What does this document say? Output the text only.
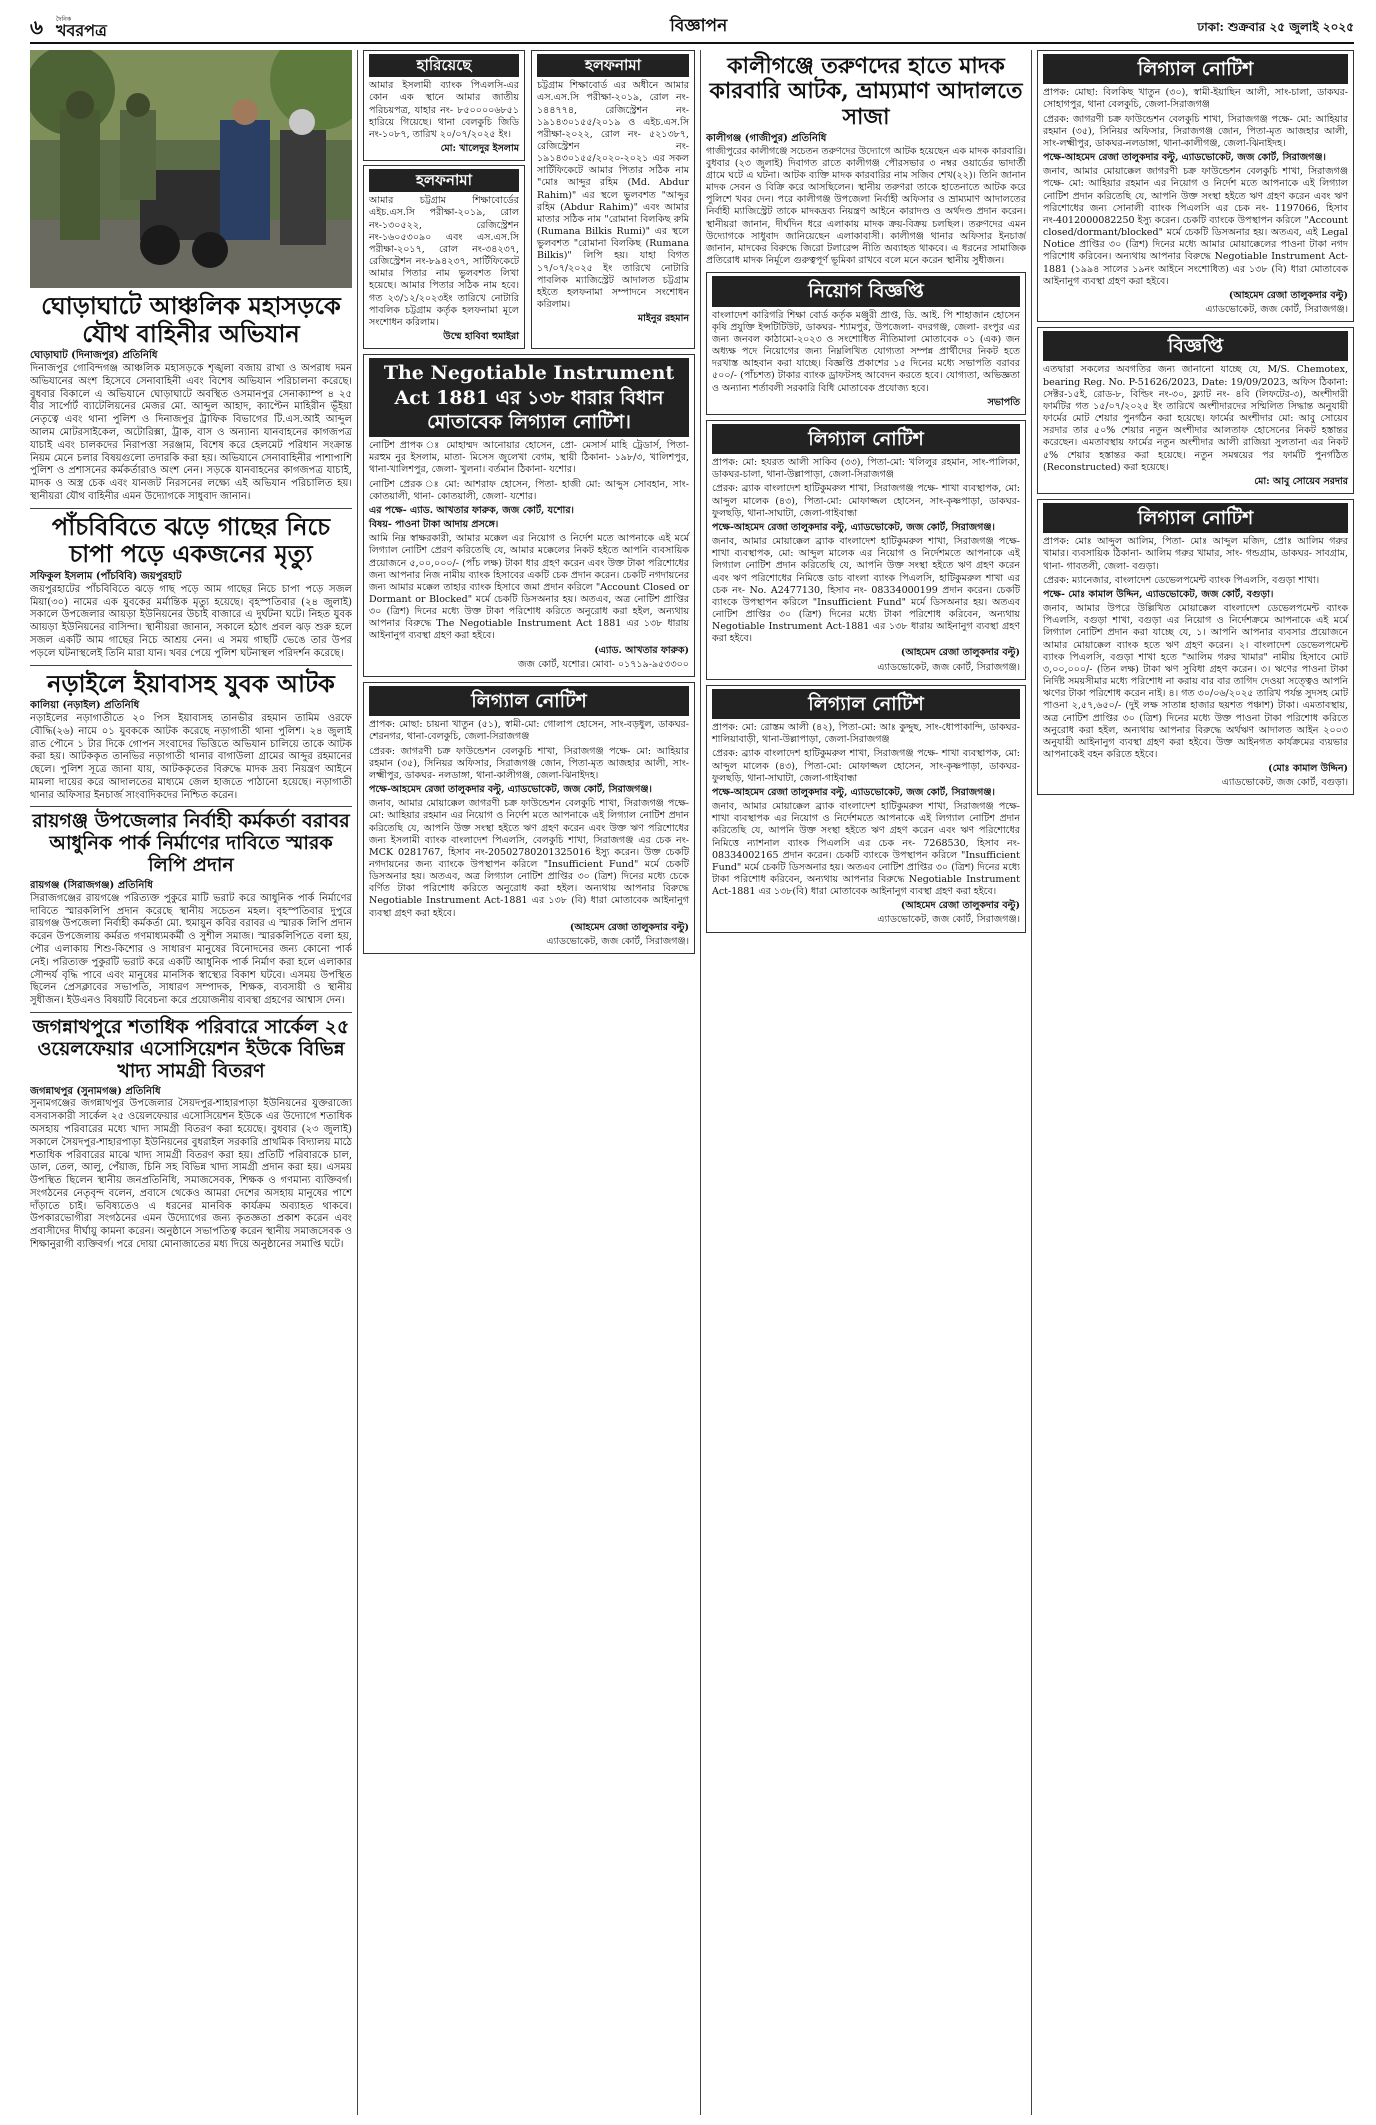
৬	দৈনিক
খবরপত্র	বিজ্ঞাপন	ঢাকা: শুক্রবার ২৫ জুলাই ২০২৫
ঘোড়াঘাটে আঞ্চলিক মহাসড়কে যৌথ বাহিনীর অভিযান
ঘোড়াঘাট (দিনাজপুর) প্রতিনিধি

দিনাজপুর গোবিন্দগঞ্জ আঞ্চলিক মহাসড়কে শৃঙ্খলা বজায় রাখা ও অপরাধ দমন অভিযানের অংশ হিসেবে সেনাবাহিনী এবং বিশেষ অভিযান পরিচালনা করেছে। বুধবার বিকালে এ অভিযানে ঘোড়াঘাটে অবস্থিত ওসমানপুর সেনাক্যাম্প ৪ ২৫ বীর সার্পোর্ট ব্যাটেলিয়নের মেজর মো. আব্দুল আহাদ, ক্যাপ্টেন মাহিরীন ভূঁইয়া নেতৃত্বে এবং থানা পুলিশ ও দিনাজপুর ট্রাফিক বিভাগের টি.এস.আই আব্দুল আলম মোটরসাইকেল, অটোরিক্সা, ট্রাক, বাস ও অন্যান্য যানবাহনের কাগজপত্র যাচাই এবং চালকদের নিরাপত্তা সরঞ্জাম, বিশেষ করে হেলমেট পরিধান সংক্রান্ত নিয়ম মেনে চলার বিষয়গুলো তদারকি করা হয়। অভিযানে সেনাবাহিনীর পাশাপাশি পুলিশ ও প্রশাসনের কর্মকর্তারাও অংশ নেন। সড়কে যানবাহনের কাগজপত্র যাচাই, মাদক ও অস্ত্র চেক এবং যানজট নিরসনের লক্ষ্যে এই অভিযান পরিচালিত হয়। স্থানীয়রা যৌথ বাহিনীর এমন উদ্যোগকে সাধুবাদ জানান।

পাঁচবিবিতে ঝড়ে গাছের নিচে চাপা পড়ে একজনের মৃত্যু
সফিকুল ইসলাম (পাঁচবিবি) জয়পুরহাট

জয়পুরহাটের পাঁচবিবিতে ঝড়ে গাছ পড়ে আম গাছের নিচে চাপা পড়ে সজল মিয়া(৩০) নামের এক যুবকের মর্মান্তিক মৃত্যু হয়েছে। বৃহস্পতিবার (২৪ জুলাই) সকালে উপজেলার আয়ড়া ইউনিয়নের উচাই বাজারে এ দুর্ঘটনা ঘটে। নিহত যুবক আয়ড়া ইউনিয়নের বাসিন্দা। স্থানীয়রা জানান, সকালে হঠাৎ প্রবল ঝড় শুরু হলে সজল একটি আম গাছের নিচে আশ্রয় নেন। এ সময় গাছটি ভেঙে তার উপর পড়লে ঘটনাস্থলেই তিনি মারা যান। খবর পেয়ে পুলিশ ঘটনাস্থল পরিদর্শন করেছে।

নড়াইলে ইয়াবাসহ যুবক আটক
কালিয়া (নড়াইল) প্রতিনিধি

নড়াইলের নড়াগাতীতে ২০ পিস ইয়াবাসহ তানভীর রহমান তামিম ওরফে বৌদ্ধি(২৬) নামে ০১ যুবককে আটক করেছে নড়াগাতী থানা পুলিশ। ২৪ জুলাই রাত পৌনে ১ টার দিকে গোপন সংবাদের ভিত্তিতে অভিযান চালিয়ে তাকে আটক করা হয়। আটককৃত তানভির নড়াগাতী থানার বাগাউলা গ্রামের আব্দুর রহমানের ছেলে। পুলিশ সূত্রে জানা যায়, আটককৃতের বিরুদ্ধে মাদক দ্রব্য নিয়ন্ত্রণ আইনে মামলা দায়ের করে আদালতের মাধ্যমে জেল হাজতে পাঠানো হয়েছে। নড়াগাতী থানার অফিসার ইনচার্জ সাংবাদিকদের নিশ্চিত করেন।

রায়গঞ্জ উপজেলার নির্বাহী কর্মকর্তা বরাবর আধুনিক পার্ক নির্মাণের দাবিতে স্মারক লিপি প্রদান
রায়গঞ্জ (সিরাজগঞ্জ) প্রতিনিধি

সিরাজগঞ্জের রায়গঞ্জে পরিত্যক্ত পুকুরে মাটি ভরাট করে আধুনিক পার্ক নির্মাণের দাবিতে স্মারকলিপি প্রদান করেছে স্থানীয় সচেতন মহল। বৃহস্পতিবার দুপুরে রায়গঞ্জ উপজেলা নির্বাহী কর্মকর্তা মো. হুমায়ুন কবির বরাবর এ স্মারক লিপি প্রদান করেন উপজেলায় কর্মরত গণমাধ্যমকর্মী ও সুশীল সমাজ। স্মারকলিপিতে বলা হয়, পৌর এলাকায় শিশু-কিশোর ও সাধারণ মানুষের বিনোদনের জন্য কোনো পার্ক নেই। পরিত্যক্ত পুকুরটি ভরাট করে একটি আধুনিক পার্ক নির্মাণ করা হলে এলাকার সৌন্দর্য বৃদ্ধি পাবে এবং মানুষের মানসিক স্বাস্থ্যের বিকাশ ঘটবে। এসময় উপস্থিত ছিলেন প্রেসক্লাবের সভাপতি, সাধারণ সম্পাদক, শিক্ষক, ব্যবসায়ী ও স্থানীয় সুধীজন। ইউএনও বিষয়টি বিবেচনা করে প্রয়োজনীয় ব্যবস্থা গ্রহণের আশ্বাস দেন।

জগন্নাথপুরে শতাধিক পরিবারে সার্কেল ২৫ ওয়েলফেয়ার এসোসিয়েশন ইউকে বিভিন্ন খাদ্য সামগ্রী বিতরণ
জগন্নাথপুর (সুনামগঞ্জ) প্রতিনিধি

সুনামগঞ্জের জগন্নাথপুর উপজেলার সৈয়দপুর-শাহারপাড়া ইউনিয়নের যুক্তরাজ্যে বসবাসকারী সার্কেল ২৫ ওয়েলফেয়ার এসোসিয়েশন ইউকে এর উদ্যোগে শতাধিক অসহায় পরিবারের মধ্যে খাদ্য সামগ্রী বিতরণ করা হয়েছে। বুধবার (২৩ জুলাই) সকালে সৈয়দপুর-শাহারপাড়া ইউনিয়নের বুধরাইল সরকারি প্রাথমিক বিদ্যালয় মাঠে শতাধিক পরিবারের মাঝে খাদ্য সামগ্রী বিতরণ করা হয়। প্রতিটি পরিবারকে চাল, ডাল, তেল, আলু, পেঁয়াজ, চিনি সহ বিভিন্ন খাদ্য সামগ্রী প্রদান করা হয়। এসময় উপস্থিত ছিলেন স্থানীয় জনপ্রতিনিধি, সমাজসেবক, শিক্ষক ও গণমান্য ব্যক্তিবর্গ। সংগঠনের নেতৃবৃন্দ বলেন, প্রবাসে থেকেও আমরা দেশের অসহায় মানুষের পাশে দাঁড়াতে চাই। ভবিষ্যতেও এ ধরনের মানবিক কার্যক্রম অব্যাহত থাকবে। উপকারভোগীরা সংগঠনের এমন উদ্যোগের জন্য কৃতজ্ঞতা প্রকাশ করেন এবং প্রবাসীদের দীর্ঘায়ু কামনা করেন। অনুষ্ঠানে সভাপতিত্ব করেন স্থানীয় সমাজসেবক ও শিক্ষানুরাগী ব্যক্তিবর্গ। পরে দোয়া মোনাজাতের মধ্য দিয়ে অনুষ্ঠানের সমাপ্তি ঘটে।

হারিয়েছে

আমার ইসলামী ব্যাংক পিএলসি-এর কোন এক স্থানে আমার জাতীয় পরিচয়পত্র, যাহার নং- ৮৫০০০০৬৮৫১ হারিয়ে গিয়েছে। থানা বেলকুচি জিডি নং-১০৮৭, তারিখ ২০/০৭/২০২৫ ইং।

মো: খালেদুর ইসলাম

হলফনামা

আমার চট্টগ্রাম শিক্ষাবোর্ডের এইচ.এস.সি পরীক্ষা-২০১৯, রোল নং-১৩০৫২২, রেজিস্ট্রেশন নং-১৬০৫৩০৯০ এবং এস.এস.সি পরীক্ষা-২০১৭, রোল নং-৩৪২৩৭, রেজিস্ট্রেশন নং-৮৯৪২৩৭, সার্টিফিকেটে আমার পিতার নাম ভুলবশত লিখা হয়েছে। আমার পিতার সঠিক নাম হবে। গত ২৩/১২/২০২৩ইং তারিখে নোটারি পাবলিক চট্টগ্রাম কর্তৃক হলফনামা মূলে সংশোধন করিলাম।

উম্মে হাবিবা হুমাইরা

হলফনামা

চট্টগ্রাম শিক্ষাবোর্ড এর অধীনে আমার এস.এস.সি পরীক্ষা-২০১৯, রোল নং- ১৪৪৭৭৪, রেজিস্ট্রেশন নং- ১৯১৪৩০১৫৫/২০১৯ ও এইচ.এস.সি পরীক্ষা-২০২২, রোল নং- ৫২১৩৮৭, রেজিস্ট্রেশন নং- ১৯১৪৩০১৫৫/২০২০-২০২১ এর সকল সার্টিফিকেটে আমার পিতার সঠিক নাম "মোঃ আব্দুর রহিম (Md. Abdur Rahim)" এর স্থলে ভুলবশত "আব্দুর রহিম (Abdur Rahim)" এবং আমার মাতার সঠিক নাম "রোমানা বিলকিছ রুমি (Rumana Bilkis Rumi)" এর স্থলে ভুলবশত "রোমানা বিলকিছ (Rumana Bilkis)" লিপি হয়। যাহা বিগত ১৭/০৭/২০২৫ ইং তারিখে নোটারি পাবলিক ম্যাজিস্ট্রেট আদালত চট্টগ্রাম হইতে হলফনামা সম্পাদনে সংশোধন করিলাম।

মাইনুর রহমান

The Negotiable Instrument Act 1881 এর ১৩৮ ধারার বিধান মোতাবেক লিগ্যাল নোটিশ।

নোটিশ প্রাপক ঃ মোহাম্মদ আনোয়ার হোসেন, প্রো- মেসার্স মাহি ট্রেডার্স, পিতা- মরহুম নুর ইসলাম, মাতা- মিসেস জুলেখা বেগম, স্থায়ী ঠিকানা- ১৯৮/৩, খালিশপুর, থানা-খালিশপুর, জেলা- খুলনা। বর্তমান ঠিকানা- যশোর।

নোটিশ প্রেরক ঃ মো: আশরাফ হোসেন, পিতা- হাজী মো: আব্দুস সোবহান, সাং- কোতয়ালী, থানা- কোতয়ালী, জেলা- যশোর।

এর পক্ষে- এ্যাড. আখতার ফারুক, জজ কোর্ট, যশোর।

বিষয়- পাওনা টাকা আদায় প্রসঙ্গে।

আমি নিম্ন স্বাক্ষরকারী, আমার মক্কেল এর নিয়োগ ও নির্দেশ মতে আপনাকে এই মর্মে লিগ্যাল নোটিশ প্রেরণ করিতেছি যে, আমার মক্কেলের নিকট হইতে আপনি ব্যবসায়িক প্রয়োজনে ৫,০০,০০০/- (পাঁচ লক্ষ) টাকা ধার গ্রহণ করেন এবং উক্ত টাকা পরিশোধের জন্য আপনার নিজ নামীয় ব্যাংক হিসাবের একটি চেক প্রদান করেন। চেকটি নগদায়নের জন্য আমার মক্কেল তাহার ব্যাংক হিসাবে জমা প্রদান করিলে "Account Closed or Dormant or Blocked" মর্মে চেকটি ডিসঅনার হয়। অতএব, অত্র নোটিশ প্রাপ্তির ৩০ (ত্রিশ) দিনের মধ্যে উক্ত টাকা পরিশোধ করিতে অনুরোধ করা হইল, অন্যথায় আপনার বিরুদ্ধে The Negotiable Instrument Act 1881 এর ১৩৮ ধারায় আইনানুগ ব্যবস্থা গ্রহণ করা হইবে।

(এ্যাড. আখতার ফারুক)

জজ কোর্ট, যশোর। মোবা- ০১৭১৯-৯৫৩৩০০

লিগ্যাল নোটিশ

প্রাপক: মোছা: চায়না খাতুন (৫১), স্বামী-মো: গোলাপ হোসেন, সাং-বড়ধুল, ডাকঘর- শেরনগর, থানা-বেলকুচি, জেলা-সিরাজগঞ্জ

প্রেরক: জাগরণী চক্র ফাউন্ডেশন বেলকুচি শাখা, সিরাজগঞ্জ পক্ষে- মো: আহিয়ার রহমান (৩৫), সিনিয়র অফিসার, সিরাজগঞ্জ জোন, পিতা-মৃত আজহার আলী, সাং-লক্ষ্মীপুর, ডাকঘর- নলডাঙ্গা, থানা-কালীগঞ্জ, জেলা-ঝিনাইদহ।

পক্ষে-আহমেদ রেজা তালুকদার বল্টু, এ্যাডভোকেট, জজ কোর্ট, সিরাজগঞ্জ।

জনাব, আমার মোয়াক্কেল জাগরণী চক্র ফাউন্ডেশন বেলকুচি শাখা, সিরাজগঞ্জ পক্ষে- মো: আহিয়ার রহমান এর নিয়োগ ও নির্দেশ মতে আপনাকে এই লিগ্যাল নোটিশ প্রদান করিতেছি যে, আপনি উক্ত সংস্থা হইতে ঋণ গ্রহণ করেন এবং উক্ত ঋণ পরিশোধের জন্য ইসলামী ব্যাংক বাংলাদেশ পিএলসি, বেলকুচি শাখা, সিরাজগঞ্জ এর চেক নং- MCK 0281767, হিসাব নং-20502780201325016 ইস্যু করেন। উক্ত চেকটি নগদায়নের জন্য ব্যাংকে উপস্থাপন করিলে "Insufficient Fund" মর্মে চেকটি ডিসঅনার হয়। অতএব, অত্র লিগ্যাল নোটিশ প্রাপ্তির ৩০ (ত্রিশ) দিনের মধ্যে চেকে বর্ণিত টাকা পরিশোধ করিতে অনুরোধ করা হইল। অন্যথায় আপনার বিরুদ্ধে Negotiable Instrument Act-1881 এর ১৩৮ (বি) ধারা মোতাবেক আইনানুগ ব্যবস্থা গ্রহণ করা হইবে।

(আহমেদ রেজা তালুকদার বল্টু)

এ্যাডভোকেট, জজ কোর্ট, সিরাজগঞ্জ।

কালীগঞ্জে তরুণদের হাতে মাদক কারবারি আটক, ভ্রাম্যমাণ আদালতে সাজা
কালীগঞ্জ (গাজীপুর) প্রতিনিধি

গাজীপুরের কালীগঞ্জে সচেতন তরুণদের উদ্যোগে আটক হয়েছেন এক মাদক কারবারি। বুধবার (২৩ জুলাই) দিবাগত রাতে কালীগঞ্জ পৌরসভার ৩ নম্বর ওয়ার্ডের ভাদার্তী গ্রামে ঘটে এ ঘটনা। আটক ব্যক্তি মাদক কারবারির নাম সজিব শেখ(২২)। তিনি জানান মাদক সেবন ও বিক্রি করে আসছিলেন। স্থানীয় তরুণরা তাকে হাতেনাতে আটক করে পুলিশে খবর দেন। পরে কালীগঞ্জ উপজেলা নির্বাহী অফিসার ও ভ্রাম্যমাণ আদালতের নির্বাহী ম্যাজিস্ট্রেট তাকে মাদকদ্রব্য নিয়ন্ত্রণ আইনে কারাদণ্ড ও অর্থদণ্ড প্রদান করেন। স্থানীয়রা জানান, দীর্ঘদিন ধরে এলাকায় মাদক ক্রয়-বিক্রয় চলছিল। তরুণদের এমন উদ্যোগকে সাধুবাদ জানিয়েছেন এলাকাবাসী। কালীগঞ্জ থানার অফিসার ইনচার্জ জানান, মাদকের বিরুদ্ধে জিরো টলারেন্স নীতি অব্যাহত থাকবে। এ ধরনের সামাজিক প্রতিরোধ মাদক নির্মূলে গুরুত্বপূর্ণ ভূমিকা রাখবে বলে মনে করেন স্থানীয় সুধীজন।

নিয়োগ বিজ্ঞপ্তি

বাংলাদেশ কারিগরি শিক্ষা বোর্ড কর্তৃক মঞ্জুরী প্রাপ্ত, ডি. আই. পি শাহাজান হোসেন কৃষি প্রযুক্তি ইন্সটিটিউট, ডাকঘর- শ্যামপুর, উপজেলা- বদরগঞ্জ, জেলা- রংপুর এর জন্য জনবল কাঠামো-২০২৩ ও সংশোধিত নীতিমালা মোতাবেক ০১ (এক) জন অধ্যক্ষ পদে নিয়োগের জন্য নিম্নলিখিত যোগ্যতা সম্পন্ন প্রার্থীদের নিকট হতে দরখাস্ত আহবান করা যাচ্ছে। বিজ্ঞপ্তি প্রকাশের ১৫ দিনের মধ্যে সভাপতি বরাবর ৫০০/- (পাঁচশত) টাকার ব্যাংক ড্রাফটসহ আবেদন করতে হবে। যোগ্যতা, অভিজ্ঞতা ও অন্যান্য শর্তাবলী সরকারি বিধি মোতাবেক প্রযোজ্য হবে।

সভাপতি

লিগ্যাল নোটিশ

প্রাপক: মো: হযরত আলী সাকিব (৩৩), পিতা-মো: খলিলুর রহমান, সাং-পালিকা, ডাকঘর-চালা, থানা-উল্লাপাড়া, জেলা-সিরাজগঞ্জ

প্রেরক: ব্র্যাক বাংলাদেশ হাটিকুমরুল শাখা, সিরাজগঞ্জ পক্ষে- শাখা ব্যবস্থাপক, মো: আব্দুল মালেক (৪৩), পিতা-মো: মোফাজ্জল হোসেন, সাং-কৃষ্ণপাড়া, ডাকঘর-ফুলছড়ি, থানা-সাঘাটা, জেলা-গাইবান্ধা

পক্ষে-আহমেদ রেজা তালুকদার বল্টু, এ্যাডভোকেট, জজ কোর্ট, সিরাজগঞ্জ।

জনাব, আমার মোয়াক্কেল ব্র্যাক বাংলাদেশ হাটিকুমরুল শাখা, সিরাজগঞ্জ পক্ষে- শাখা ব্যবস্থাপক, মো: আব্দুল মালেক এর নিয়োগ ও নির্দেশমতে আপনাকে এই লিগ্যাল নোটিশ প্রদান করিতেছি যে, আপনি উক্ত সংস্থা হইতে ঋণ গ্রহণ করেন এবং ঋণ পরিশোধের নিমিত্তে ডাচ বাংলা ব্যাংক পিএলসি, হাটিকুমরুল শাখা এর চেক নং- No. A2477130, হিসাব নং- 08334000199 প্রদান করেন। চেকটি ব্যাংকে উপস্থাপন করিলে "Insufficient Fund" মর্মে ডিসঅনার হয়। অতএব নোটিশ প্রাপ্তির ৩০ (ত্রিশ) দিনের মধ্যে টাকা পরিশোধ করিবেন, অন্যথায় Negotiable Instrument Act-1881 এর ১৩৮ ধারায় আইনানুগ ব্যবস্থা গ্রহণ করা হইবে।

(আহমেদ রেজা তালুকদার বল্টু)

এ্যাডভোকেট, জজ কোর্ট, সিরাজগঞ্জ।

লিগ্যাল নোটিশ

প্রাপক: মো: রোস্তম আলী (৪২), পিতা-মো: আঃ কুদ্দুছ, সাং-ধোপাকান্দি, ডাকঘর-শালিয়াবাড়ী, থানা-উল্লাপাড়া, জেলা-সিরাজগঞ্জ

প্রেরক: ব্র্যাক বাংলাদেশ হাটিকুমরুল শাখা, সিরাজগঞ্জ পক্ষে- শাখা ব্যবস্থাপক, মো: আব্দুল মালেক (৪৩), পিতা-মো: মোফাজ্জল হোসেন, সাং-কৃষ্ণপাড়া, ডাকঘর-ফুলছড়ি, থানা-সাঘাটা, জেলা-গাইবান্ধা

পক্ষে-আহমেদ রেজা তালুকদার বল্টু, এ্যাডভোকেট, জজ কোর্ট, সিরাজগঞ্জ।

জনাব, আমার মোয়াক্কেল ব্র্যাক বাংলাদেশ হাটিকুমরুল শাখা, সিরাজগঞ্জ পক্ষে- শাখা ব্যবস্থাপক এর নিয়োগ ও নির্দেশমতে আপনাকে এই লিগ্যাল নোটিশ প্রদান করিতেছি যে, আপনি উক্ত সংস্থা হইতে ঋণ গ্রহণ করেন এবং ঋণ পরিশোধের নিমিত্তে ন্যাশনাল ব্যাংক পিএলসি এর চেক নং- 7268530, হিসাব নং- 08334002165 প্রদান করেন। চেকটি ব্যাংকে উপস্থাপন করিলে "Insufficient Fund" মর্মে চেকটি ডিসঅনার হয়। অতএব নোটিশ প্রাপ্তির ৩০ (ত্রিশ) দিনের মধ্যে টাকা পরিশোধ করিবেন, অন্যথায় আপনার বিরুদ্ধে Negotiable Instrument Act-1881 এর ১৩৮(বি) ধারা মোতাবেক আইনানুগ ব্যবস্থা গ্রহণ করা হইবে।

(আহমেদ রেজা তালুকদার বল্টু)

এ্যাডভোকেট, জজ কোর্ট, সিরাজগঞ্জ।

লিগ্যাল নোটিশ

প্রাপক: মোছা: বিলকিছ খাতুন (৩০), স্বামী-ইয়াছিন আলী, সাং-চালা, ডাকঘর-সোহাগপুর, থানা বেলকুচি, জেলা-সিরাজগঞ্জ

প্রেরক: জাগরণী চক্র ফাউন্ডেশন বেলকুচি শাখা, সিরাজগঞ্জ পক্ষে- মো: আহিয়ার রহমান (৩৫), সিনিয়র অফিসার, সিরাজগঞ্জ জোন, পিতা-মৃত আজহার আলী, সাং-লক্ষ্মীপুর, ডাকঘর-নলডাঙ্গা, থানা-কালীগঞ্জ, জেলা-ঝিনাইদহ।

পক্ষে-আহমেদ রেজা তালুকদার বল্টু, এ্যাডভোকেট, জজ কোর্ট, সিরাজগঞ্জ।

জনাব, আমার মোয়াক্কেল জাগরণী চক্র ফাউন্ডেশন বেলকুচি শাখা, সিরাজগঞ্জ পক্ষে- মো: আহিয়ার রহমান এর নিয়োগ ও নির্দেশ মতে আপনাকে এই লিগ্যাল নোটিশ প্রদান করিতেছি যে, আপনি উক্ত সংস্থা হইতে ঋণ গ্রহণ করেন এবং ঋণ পরিশোধের জন্য সোনালী ব্যাংক পিএলসি এর চেক নং- 1197066, হিসাব নং-4012000082250 ইস্যু করেন। চেকটি ব্যাংকে উপস্থাপন করিলে "Account closed/dormant/blocked" মর্মে চেকটি ডিসঅনার হয়। অতএব, এই Legal Notice প্রাপ্তির ৩০ (ত্রিশ) দিনের মধ্যে আমার মোয়াক্কেলের পাওনা টাকা নগদ পরিশোধ করিবেন। অন্যথায় আপনার বিরুদ্ধে Negotiable Instrument Act-1881 (১৯৯৪ সালের ১৯নং আইনে সংশোধিত) এর ১৩৮ (বি) ধারা মোতাবেক আইনানুগ ব্যবস্থা গ্রহণ করা হইবে।

(আহমেদ রেজা তালুকদার বল্টু)

এ্যাডভোকেট, জজ কোর্ট, সিরাজগঞ্জ।

বিজ্ঞপ্তি

এতদ্বারা সকলের অবগতির জন্য জানানো যাচ্ছে যে, M/S. Chemotex, bearing Reg. No. P-51626/2023, Date: 19/09/2023, অফিস ঠিকানা: সেক্টর-১৫ই, রোড-৮, বিল্ডিং নং-৩০, ফ্ল্যাট নং- ৪বি (লিফটের-৩), অংশীদারী ফার্মটির গত ১৫/০৭/২০২৫ ইং তারিখে অংশীদারদের সম্মিলিত সিদ্ধান্ত অনুযায়ী ফার্মের মোট শেয়ার পুনর্গঠন করা হয়েছে। ফার্মের অংশীদার মো: আবু সোয়েব সরদার তার ৫০% শেয়ার নতুন অংশীদার আলতাফ হোসেনের নিকট হস্তান্তর করেছেন। এমতাবস্থায় ফার্মের নতুন অংশীদার আলী রাজিয়া সুলতানা এর নিকট ৫% শেয়ার হস্তান্তর করা হয়েছে। নতুন সমন্বয়ের পর ফার্মটি পুনর্গঠিত (Reconstructed) করা হয়েছে।

মো: আবু সোয়েব সরদার

লিগ্যাল নোটিশ

প্রাপক: মোঃ আব্দুল আলিম, পিতা- মোঃ আব্দুল মজিদ, প্রোঃ আলিম গরুর খামার। ব্যবসায়িক ঠিকানা- আলিম গরুর খামার, সাং- গন্ডগ্রাম, ডাকঘর- সাবগ্রাম, থানা- গাবতলী, জেলা- বগুড়া।

প্রেরক: ম্যানেজার, বাংলাদেশ ডেভেলপমেন্ট ব্যাংক পিএলসি, বগুড়া শাখা।

পক্ষে- মোঃ কামাল উদ্দিন, এ্যাডভোকেট, জজ কোর্ট, বগুড়া।

জনাব, আমার উপরে উল্লিখিত মোয়াক্কেল বাংলাদেশ ডেভেলপমেন্ট ব্যাংক পিএলসি, বগুড়া শাখা, বগুড়া এর নিয়োগ ও নির্দেশক্রমে আপনাকে এই মর্মে লিগ্যাল নোটিশ প্রদান করা যাচ্ছে যে, ১। আপনি আপনার ব্যবসার প্রয়োজনে আমার মোয়াক্কেল ব্যাংক হতে ঋণ গ্রহণ করেন। ২। বাংলাদেশ ডেভেলপমেন্ট ব্যাংক পিএলসি, বগুড়া শাখা হতে "আলিম গরুর খামার" নামীয় হিসাবে মোট ৩,০০,০০০/- (তিন লক্ষ) টাকা ঋণ সুবিধা গ্রহণ করেন। ৩। ঋণের পাওনা টাকা নির্দিষ্ট সময়সীমার মধ্যে পরিশোধ না করায় বার বার তাগিদ দেওয়া সত্ত্বেও আপনি ঋণের টাকা পরিশোধ করেন নাই। ৪। গত ৩০/০৬/২০২৫ তারিখ পর্যন্ত সুদসহ মোট পাওনা ২,৫৭,৬৫০/- (দুই লক্ষ সাতান্ন হাজার ছয়শত পঞ্চাশ) টাকা। এমতাবস্থায়, অত্র নোটিশ প্রাপ্তির ৩০ (ত্রিশ) দিনের মধ্যে উক্ত পাওনা টাকা পরিশোধ করিতে অনুরোধ করা হইল, অন্যথায় আপনার বিরুদ্ধে অর্থঋণ আদালত আইন ২০০৩ অনুযায়ী আইনানুগ ব্যবস্থা গ্রহণ করা হইবে। উক্ত আইনগত কার্যক্রমের ব্যয়ভার আপনাকেই বহন করিতে হইবে।

(মোঃ কামাল উদ্দিন)

এ্যাডভোকেট, জজ কোর্ট, বগুড়া।
